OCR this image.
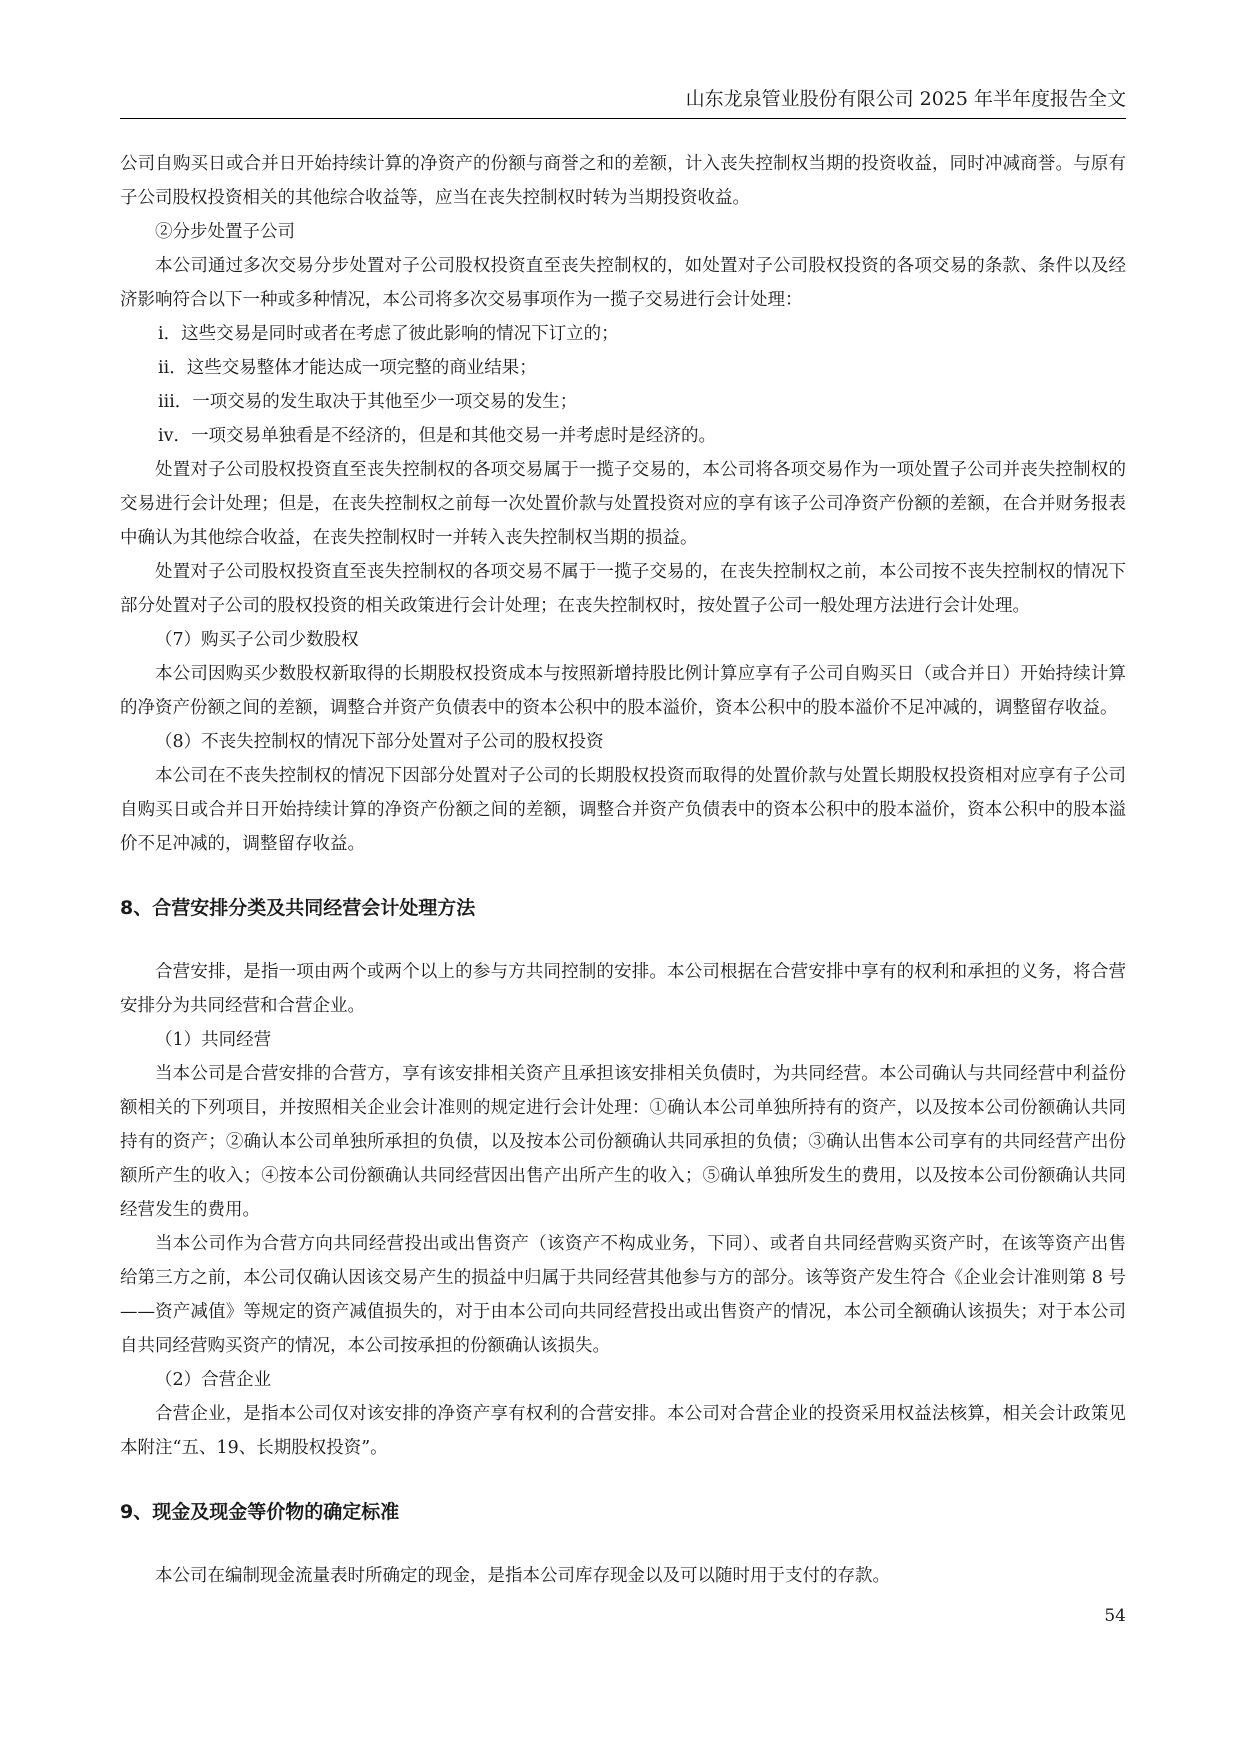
山东龙泉管业股份有限公司 2025 年半年度报告全文

公司自购买日或合并日开始持续计算的净资产的份额与商誉之和的差额，计入丧失控制权当期的投资收益，同时冲减商誉。与原有子公司股权投资相关的其他综合收益等，应当在丧失控制权时转为当期投资收益。

②分步处置子公司

本公司通过多次交易分步处置对子公司股权投资直至丧失控制权的，如处置对子公司股权投资的各项交易的条款、条件以及经济影响符合以下一种或多种情况，本公司将多次交易事项作为一揽子交易进行会计处理：

ⅰ．这些交易是同时或者在考虑了彼此影响的情况下订立的；

ⅱ．这些交易整体才能达成一项完整的商业结果；

ⅲ．一项交易的发生取决于其他至少一项交易的发生；

ⅳ．一项交易单独看是不经济的，但是和其他交易一并考虑时是经济的。

处置对子公司股权投资直至丧失控制权的各项交易属于一揽子交易的，本公司将各项交易作为一项处置子公司并丧失控制权的交易进行会计处理；但是，在丧失控制权之前每一次处置价款与处置投资对应的享有该子公司净资产份额的差额，在合并财务报表中确认为其他综合收益，在丧失控制权时一并转入丧失控制权当期的损益。

处置对子公司股权投资直至丧失控制权的各项交易不属于一揽子交易的，在丧失控制权之前，本公司按不丧失控制权的情况下部分处置对子公司的股权投资的相关政策进行会计处理；在丧失控制权时，按处置子公司一般处理方法进行会计处理。

（7）购买子公司少数股权

本公司因购买少数股权新取得的长期股权投资成本与按照新增持股比例计算应享有子公司自购买日（或合并日）开始持续计算的净资产份额之间的差额，调整合并资产负债表中的资本公积中的股本溢价，资本公积中的股本溢价不足冲减的，调整留存收益。

（8）不丧失控制权的情况下部分处置对子公司的股权投资

本公司在不丧失控制权的情况下因部分处置对子公司的长期股权投资而取得的处置价款与处置长期股权投资相对应享有子公司自购买日或合并日开始持续计算的净资产份额之间的差额，调整合并资产负债表中的资本公积中的股本溢价，资本公积中的股本溢价不足冲减的，调整留存收益。

8、合营安排分类及共同经营会计处理方法

合营安排，是指一项由两个或两个以上的参与方共同控制的安排。本公司根据在合营安排中享有的权利和承担的义务，将合营安排分为共同经营和合营企业。

（1）共同经营

当本公司是合营安排的合营方，享有该安排相关资产且承担该安排相关负债时，为共同经营。本公司确认与共同经营中利益份额相关的下列项目，并按照相关企业会计准则的规定进行会计处理：①确认本公司单独所持有的资产，以及按本公司份额确认共同持有的资产；②确认本公司单独所承担的负债，以及按本公司份额确认共同承担的负债；③确认出售本公司享有的共同经营产出份额所产生的收入；④按本公司份额确认共同经营因出售产出所产生的收入；⑤确认单独所发生的费用，以及按本公司份额确认共同经营发生的费用。

当本公司作为合营方向共同经营投出或出售资产（该资产不构成业务，下同）、或者自共同经营购买资产时，在该等资产出售给第三方之前，本公司仅确认因该交易产生的损益中归属于共同经营其他参与方的部分。该等资产发生符合《企业会计准则第 8 号——资产减值》等规定的资产减值损失的，对于由本公司向共同经营投出或出售资产的情况，本公司全额确认该损失；对于本公司自共同经营购买资产的情况，本公司按承担的份额确认该损失。

（2）合营企业

合营企业，是指本公司仅对该安排的净资产享有权利的合营安排。本公司对合营企业的投资采用权益法核算，相关会计政策见本附注“五、19、长期股权投资”。

9、现金及现金等价物的确定标准

本公司在编制现金流量表时所确定的现金，是指本公司库存现金以及可以随时用于支付的存款。

54
